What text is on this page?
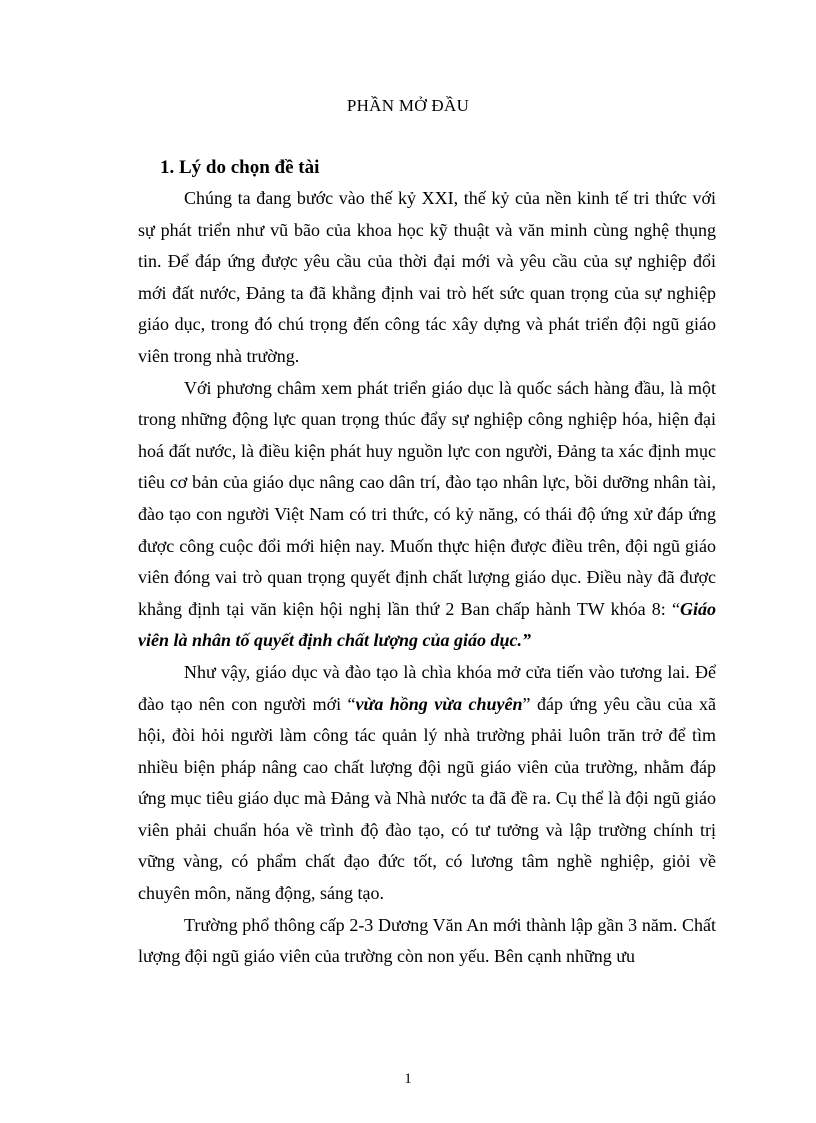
PHẦN MỞ ĐẦU
1. Lý do chọn đề tài

Chúng ta đang bước vào thế kỷ XXI, thế kỷ của nền kinh tế tri thức với sự phát triển như vũ bão của khoa học kỹ thuật và văn minh cùng nghệ thụng tin. Để đáp ứng được yêu cầu của thời đại mới và yêu cầu của sự nghiệp đổi mới đất nước, Đảng ta đã khẳng định vai trò hết sức quan trọng của sự nghiệp giáo dục, trong đó chú trọng đến công tác xây dựng và phát triển đội ngũ giáo viên trong nhà trường.

Với phương châm xem phát triển giáo dục là quốc sách hàng đầu, là một trong những động lực quan trọng thúc đẩy sự nghiệp công nghiệp hóa, hiện đại hoá đất nước, là điều kiện phát huy nguồn lực con người, Đảng ta xác định mục tiêu cơ bản của giáo dục nâng cao dân trí, đào tạo nhân lực, bồi dưỡng nhân tài, đào tạo con người Việt Nam có tri thức, có kỷ năng, có thái độ ứng xử đáp ứng được công cuộc đổi mới hiện nay. Muốn thực hiện được điều trên, đội ngũ giáo viên đóng vai trò quan trọng quyết định chất lượng giáo dục. Điều này đã được khẳng định tại văn kiện hội nghị lần thứ 2 Ban chấp hành TW khóa 8: “Giáo viên là nhân tố quyết định chất lượng của giáo dục.”

Như vậy, giáo dục và đào tạo là chìa khóa mở cửa tiến vào tương lai. Để đào tạo nên con người mới “vừa hồng vừa chuyên” đáp ứng yêu cầu của xã hội, đòi hỏi người làm công tác quản lý nhà trường phải luôn trăn trở để tìm nhiều biện pháp nâng cao chất lượng đội ngũ giáo viên của trường, nhằm đáp ứng mục tiêu giáo dục mà Đảng và Nhà nước ta đã đề ra. Cụ thể là đội ngũ giáo viên phải chuẩn hóa về trình độ đào tạo, có tư tưởng và lập trường chính trị vững vàng, có phẩm chất đạo đức tốt, có lương tâm nghề nghiệp, giỏi về chuyên môn, năng động, sáng tạo.

Trường phổ thông cấp 2-3 Dương Văn An mới thành lập gần 3 năm. Chất lượng đội ngũ giáo viên của trường còn non yếu. Bên cạnh những ưu

1
